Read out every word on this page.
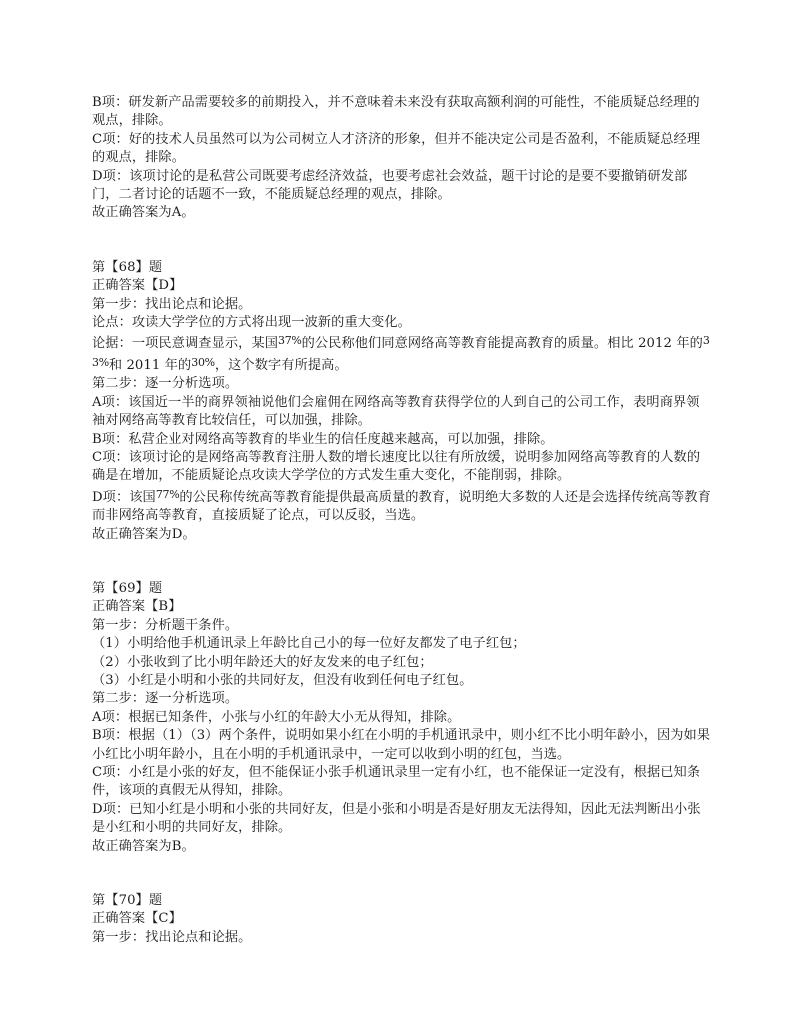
B项：研发新产品需要较多的前期投入，并不意味着未来没有获取高额利润的可能性，不能质疑总经理的观点，排除。

C项：好的技术人员虽然可以为公司树立人才济济的形象，但并不能决定公司是否盈利，不能质疑总经理的观点，排除。

D项：该项讨论的是私营公司既要考虑经济效益，也要考虑社会效益，题干讨论的是要不要撤销研发部门，二者讨论的话题不一致，不能质疑总经理的观点，排除。

故正确答案为A。

第【68】题

正确答案【D】

第一步：找出论点和论据。

论点：攻读大学学位的方式将出现一波新的重大变化。

论据：一项民意调查显示，某国$^{37\%}$的公民称他们同意网络高等教育能提高教育的质量。相比 2012 年的$^{33\%}$和 2011 年的$^{30\%}$，这个数字有所提高。

第二步：逐一分析选项。

A项：该国近一半的商界领袖说他们会雇佣在网络高等教育获得学位的人到自己的公司工作，表明商界领袖对网络高等教育比较信任，可以加强，排除。

B项：私营企业对网络高等教育的毕业生的信任度越来越高，可以加强，排除。

C项：该项讨论的是网络高等教育注册人数的增长速度比以往有所放缓，说明参加网络高等教育的人数的确是在增加，不能质疑论点攻读大学学位的方式发生重大变化，不能削弱，排除。

D项：该国$^{77\%}$的公民称传统高等教育能提供最高质量的教育，说明绝大多数的人还是会选择传统高等教育而非网络高等教育，直接质疑了论点，可以反驳，当选。

故正确答案为D。

第【69】题

正确答案【B】

第一步：分析题干条件。

（1）小明给他手机通讯录上年龄比自己小的每一位好友都发了电子红包；

（2）小张收到了比小明年龄还大的好友发来的电子红包；

（3）小红是小明和小张的共同好友，但没有收到任何电子红包。

第二步：逐一分析选项。

A项：根据已知条件，小张与小红的年龄大小无从得知，排除。

B项：根据（1）（3）两个条件，说明如果小红在小明的手机通讯录中，则小红不比小明年龄小，因为如果小红比小明年龄小，且在小明的手机通讯录中，一定可以收到小明的红包，当选。

C项：小红是小张的好友，但不能保证小张手机通讯录里一定有小红，也不能保证一定没有，根据已知条件，该项的真假无从得知，排除。

D项：已知小红是小明和小张的共同好友，但是小张和小明是否是好朋友无法得知，因此无法判断出小张是小红和小明的共同好友，排除。

故正确答案为B。

第【70】题

正确答案【C】

第一步：找出论点和论据。
